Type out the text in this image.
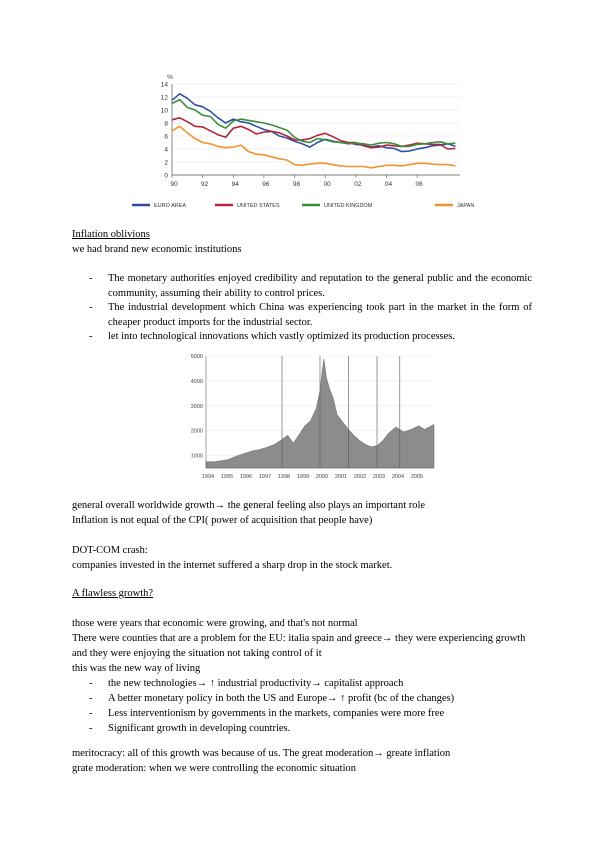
%
0
2
4
6
8
10
12
14
90	92	94	96	98	00	02	04	06
EURO AREA	UNITED STATES	UNITED KINGDOM	JAPAN

Inflation oblivions

we had brand new economic institutions

- The monetary authorities enjoyed credibility and reputation to the general public and the economic community, assuming their ability to control prices.
- The industrial development which China was experiencing took part in the market in the form of cheaper product imports for the industrial sector.
- let into technological innovations which vastly optimized its production processes.
1000
2000
3000
4000
5000
1994 1995 1996 1997 1998 1999 2000 2001 2002 2003 2004 2005

general overall worldwide growth→ the general feeling also plays an important role

Inflation is not equal of the CPI( power of acquisition that people have)

DOT-COM crash:

companies invested in the internet suffered a sharp drop in the stock market.

A flawless growth?

those were years that economic were growing, and that's not normal

There were counties that are a problem for the EU: italia spain and greece→ they were experiencing growth and they were enjoying the situation not taking control of it

this was the new way of living

- the new technologies→ ↑ industrial productivity→ capitalist approach
- A better monetary policy in both the US and Europe→ ↑ profit (bc of the changes)
- Less interventionism by governments in the markets, companies were more free
- Significant growth in developing countries.

meritocracy: all of this growth was because of us. The great moderation→ greate inflation

grate moderation: when we were controlling the economic situation
